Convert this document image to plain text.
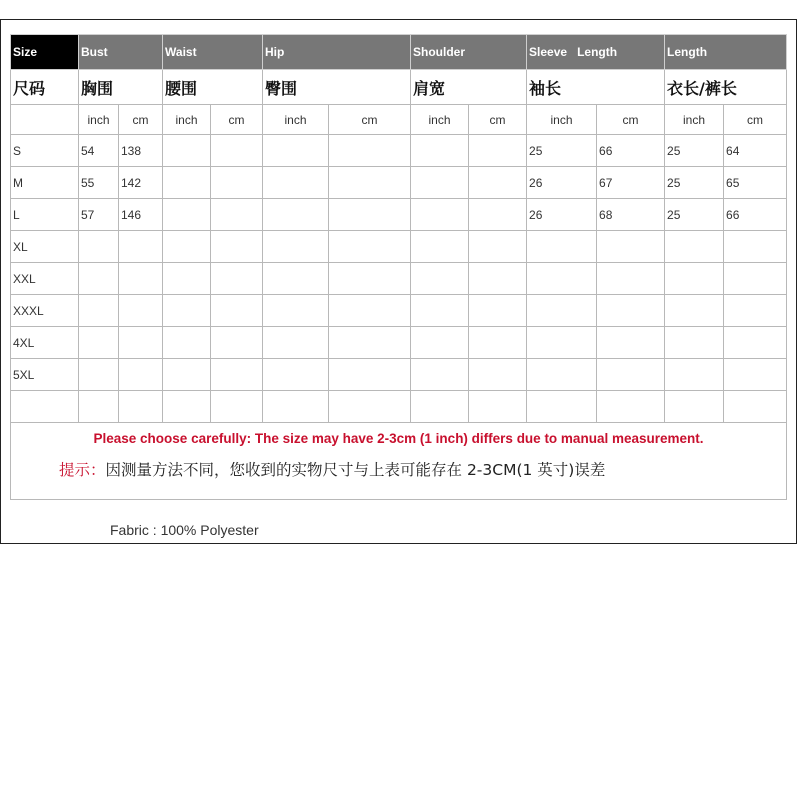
Size	Bust		Waist		Hip		Shoulder		Sleeve   Length		Length	
尺码	胸围		腰围		臀围		肩宽		袖长		衣长/裤长	
	inch	cm	inch	cm	inch	cm	inch	cm	inch	cm	inch	cm
S	54	138							25	66	25	64
M	55	142							26	67	25	65
L	57	146							26	68	25	66
XL												
XXL												
XXXL												
4XL												
5XL												

Please choose carefully: The size may have 2-3cm (1 inch) differs due to manual measurement.
提示：因测量方法不同，您收到的实物尺寸与上表可能存在 2-3CM(1 英寸)误差												
Fabric : 100% Polyester
